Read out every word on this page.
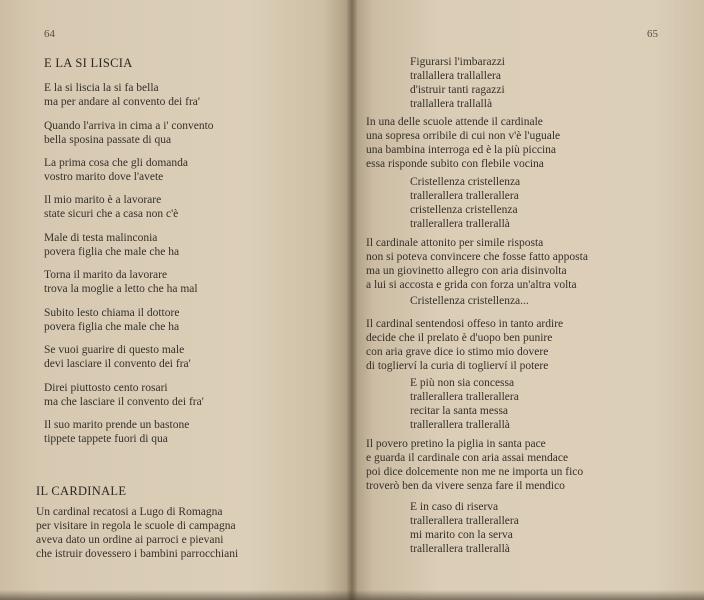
64
E LA SI LISCIA
E la si liscia la si fa bella
ma per andare al convento dei fra'
Quando l'arriva in cima a i' convento
bella sposina passate di qua
La prima cosa che gli domanda
vostro marito dove l'avete
Il mio marito è a lavorare
state sicuri che a casa non c'è
Male di testa malinconia
povera figlia che male che ha
Torna il marito da lavorare
trova la moglie a letto che ha mal
Subito lesto chiama il dottore
povera figlia che male che ha
Se vuoi guarire di questo male
devi lasciare il convento dei fra'
Direi piuttosto cento rosari
ma che lasciare il convento dei fra'
Il suo marito prende un bastone
tippete tappete fuori di qua
IL CARDINALE
Un cardinal recatosi a Lugo di Romagna
per visitare in regola le scuole di campagna
aveva dato un ordine ai parroci e pievani
che istruir dovessero i bambini parrocchiani
65
Figurarsi l'imbarazzi
trallallera trallallera
d'istruir tanti ragazzi
trallallera trallallà
In una delle scuole attende il cardinale
una sopresa orribile di cui non v'è l'uguale
una bambina interroga ed è la più piccina
essa risponde subito con flebile vocina
Cristellenza cristellenza
trallerallera trallerallera
cristellenza cristellenza
trallerallera trallerallà
Il cardinale attonito per simile risposta
non si poteva convincere che fosse fatto apposta
ma un giovinetto allegro con aria disinvolta
a lui si accosta e grida con forza un'altra volta
Cristellenza cristellenza...
Il cardinal sentendosi offeso in tanto ardire
decide che il prelato è d'uopo ben punire
con aria grave dice io stimo mio dovere
di toglierví la curia di toglierví il potere
E più non sia concessa
trallerallera trallerallera
recitar la santa messa
trallerallera trallerallà
Il povero pretino la piglia in santa pace
e guarda il cardinale con aria assai mendace
poi dice dolcemente non me ne importa un fico
troverò ben da vivere senza fare il mendico
E in caso di riserva
trallerallera trallerallera
mi marito con la serva
trallerallera trallerallà
